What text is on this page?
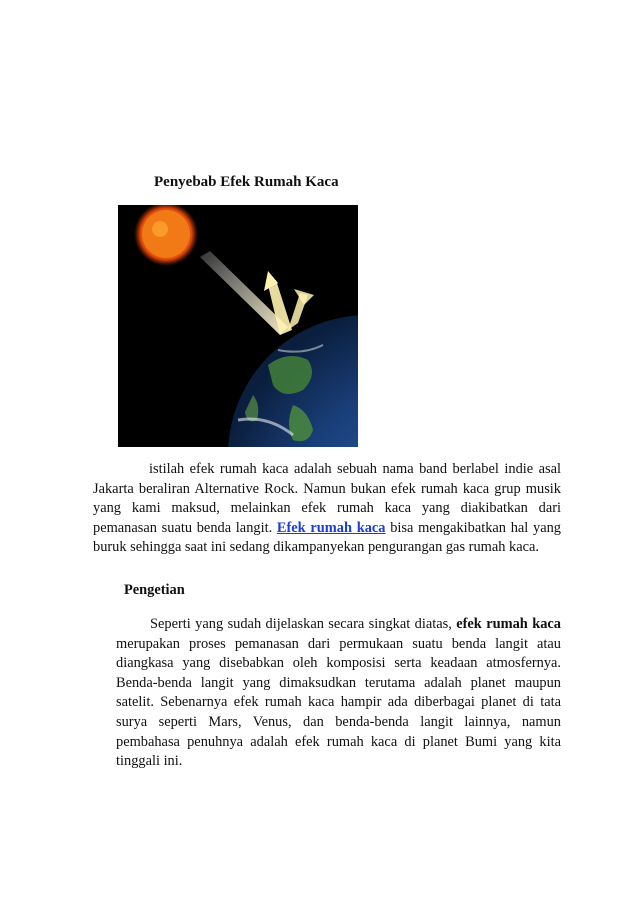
Penyebab Efek Rumah Kaca
istilah efek rumah kaca adalah sebuah nama band berlabel indie asal Jakarta beraliran Alternative Rock. Namun bukan efek rumah kaca grup musik yang kami maksud, melainkan efek rumah kaca yang diakibatkan dari pemanasan suatu benda langit. Efek rumah kaca bisa mengakibatkan hal yang buruk sehingga saat ini sedang dikampanyekan pengurangan gas rumah kaca.
Pengetian
Seperti yang sudah dijelaskan secara singkat diatas, efek rumah kaca merupakan proses pemanasan dari permukaan suatu benda langit atau diangkasa yang disebabkan oleh komposisi serta keadaan atmosfernya. Benda-benda langit yang dimaksudkan terutama adalah planet maupun satelit. Sebenarnya efek rumah kaca hampir ada diberbagai planet di tata surya seperti Mars, Venus, dan benda-benda langit lainnya, namun pembahasa penuhnya adalah efek rumah kaca di planet Bumi yang kita tinggali ini.
